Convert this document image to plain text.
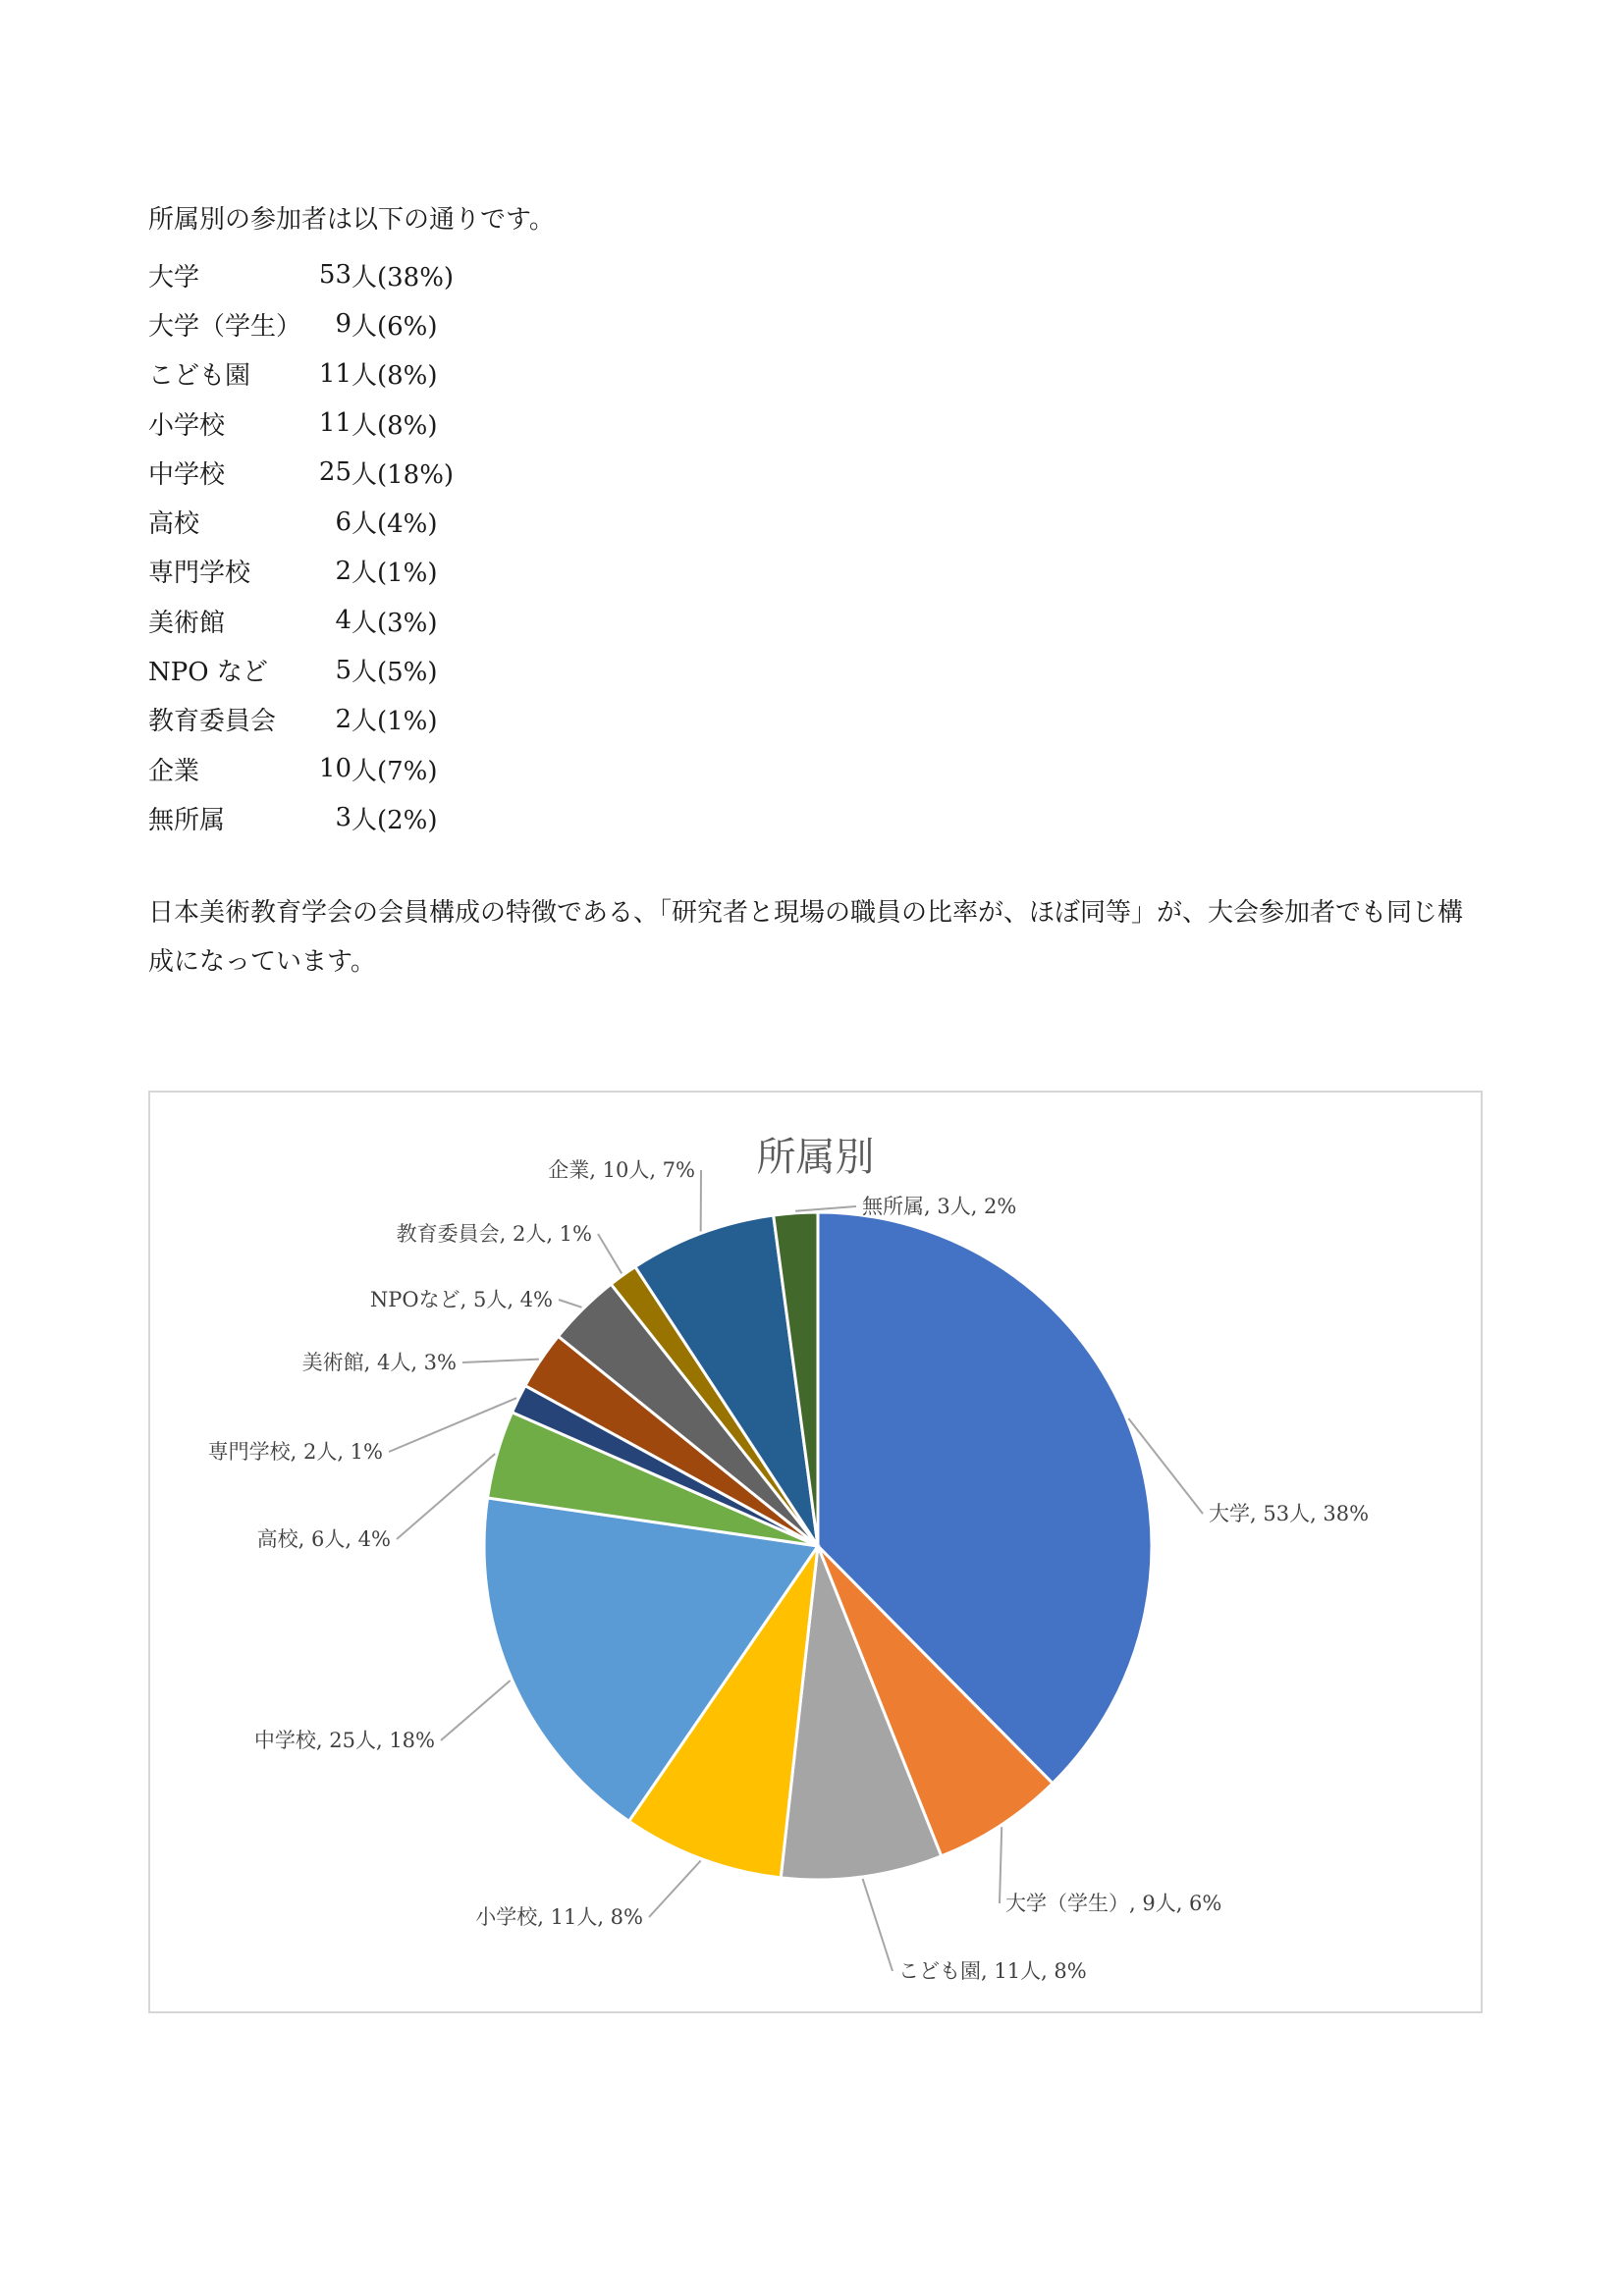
所属別の参加者は以下の通りです。

大学	53 人(38%)
大学（学生）	9 人(6%)
こども園	11 人(8%)
小学校	11 人(8%)
中学校	25 人(18%)
高校	6 人(4%)
専門学校	2 人(1%)
美術館	4 人(3%)
NPO など	5 人(5%)
教育委員会	2 人(1%)
企業	10 人(7%)
無所属	3 人(2%)

日本美術教育学会の会員構成の特徴である、「研究者と現場の職員の比率が、ほぼ同等」が、大会参加者でも同じ構成になっています。

所属別
大学, 53人, 38%
大学（学生）, 9人, 6%
こども園, 11人, 8%
小学校, 11人, 8%
中学校, 25人, 18%
高校, 6人, 4%
専門学校, 2人, 1%
美術館, 4人, 3%
NPOなど, 5人, 4%
教育委員会, 2人, 1%
企業, 10人, 7%
無所属, 3人, 2%
